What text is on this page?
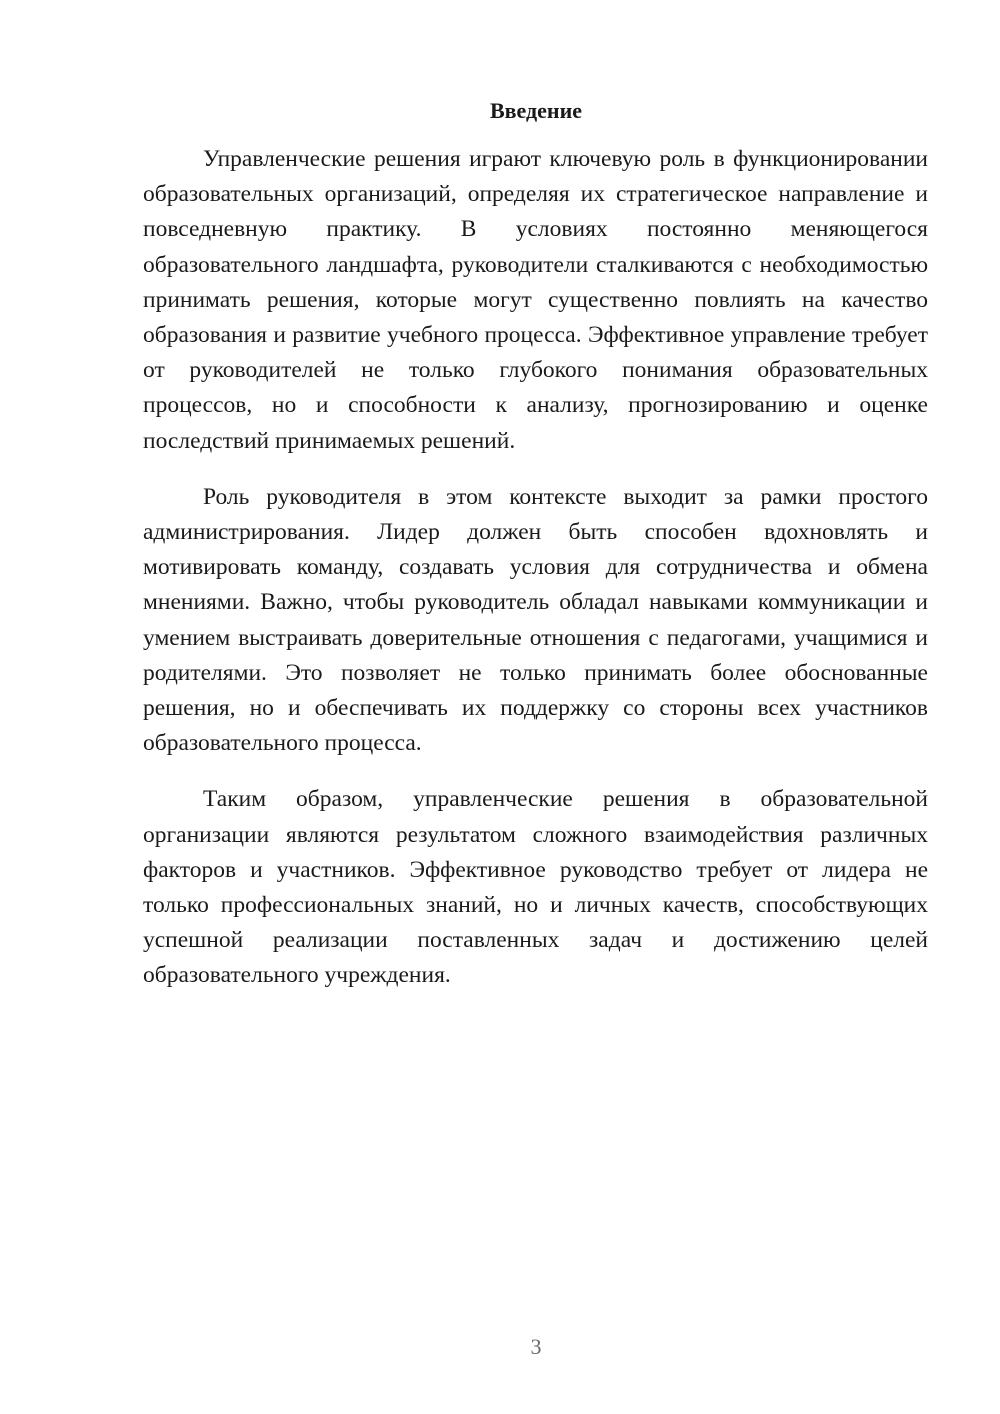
Введение

Управленческие решения играют ключевую роль в функционировании образовательных организаций, определяя их стратегическое направление и повседневную практику. В условиях постоянно меняющегося образовательного ландшафта, руководители сталкиваются с необходимостью принимать решения, которые могут существенно повлиять на качество образования и развитие учебного процесса. Эффективное управление требует от руководителей не только глубокого понимания образовательных процессов, но и способности к анализу, прогнозированию и оценке последствий принимаемых решений.

Роль руководителя в этом контексте выходит за рамки простого администрирования. Лидер должен быть способен вдохновлять и мотивировать команду, создавать условия для сотрудничества и обмена мнениями. Важно, чтобы руководитель обладал навыками коммуникации и умением выстраивать доверительные отношения с педагогами, учащимися и родителями. Это позволяет не только принимать более обоснованные решения, но и обеспечивать их поддержку со стороны всех участников образовательного процесса.

Таким образом, управленческие решения в образовательной организации являются результатом сложного взаимодействия различных факторов и участников. Эффективное руководство требует от лидера не только профессиональных знаний, но и личных качеств, способствующих успешной реализации поставленных задач и достижению целей образовательного учреждения.

3
